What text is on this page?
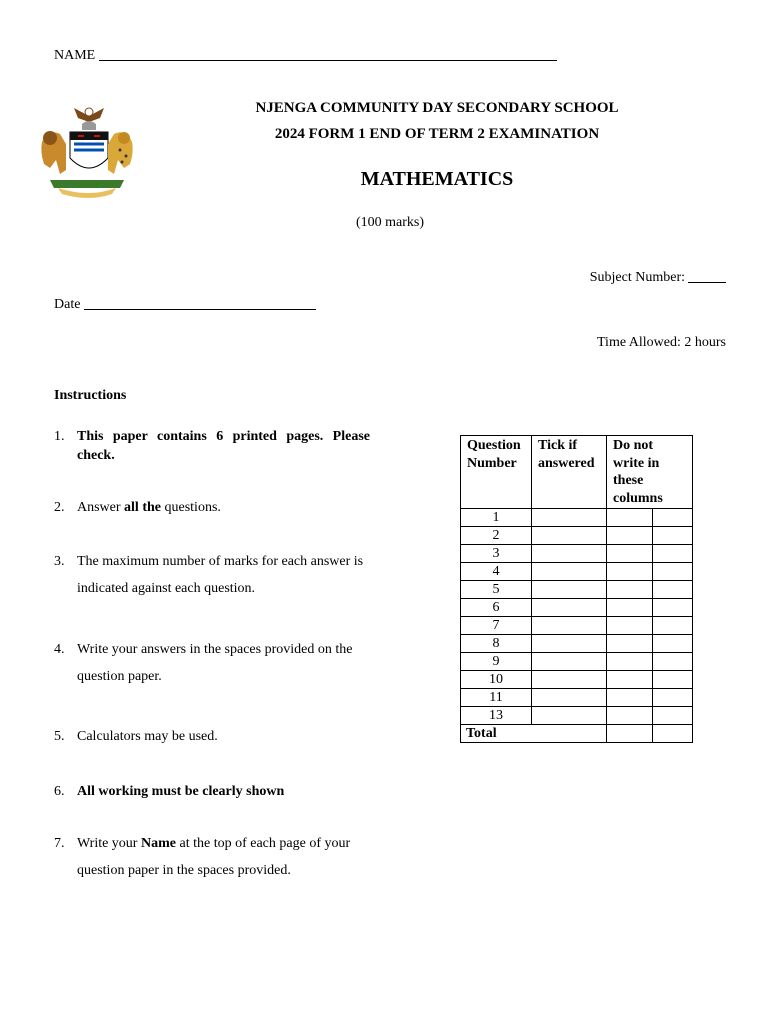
NAME
NJENGA COMMUNITY DAY SECONDARY SCHOOL
2024 FORM 1 END OF TERM 2 EXAMINATION
MATHEMATICS
(100 marks)
Subject Number:
Date
Time Allowed: 2 hours
Instructions
1. This paper contains 6 printed pages. Please check.
2. Answer all the questions.
3. The maximum number of marks for each answer is indicated against each question.
4. Write your answers in the spaces provided on the question paper.
5. Calculators may be used.
6. All working must be clearly shown
7. Write your Name at the top of each page of your question paper in the spaces provided.
Question Number	Tick if answered	Do not write in these columns	
1			
2			
3			
4			
5			
6			
7			
8			
9			
10			
11			
13			
Total			
